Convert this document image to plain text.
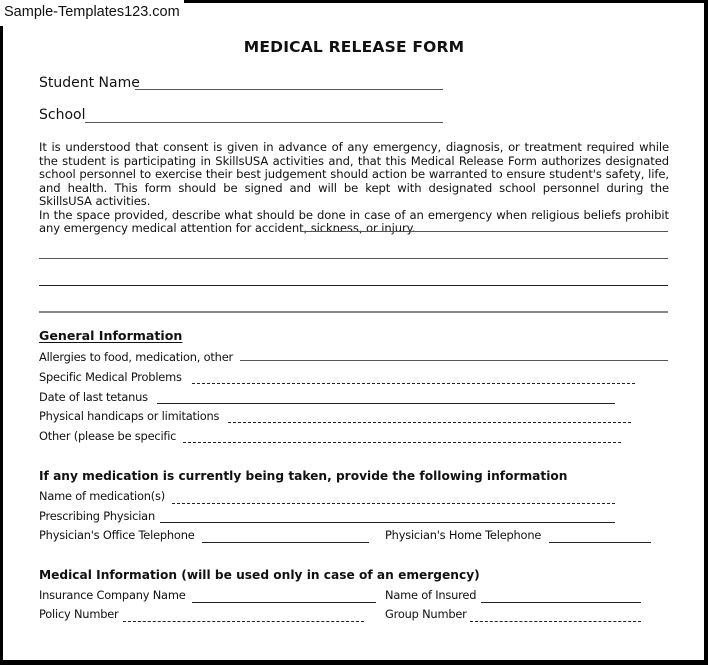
Sample-Templates123.com
MEDICAL RELEASE FORM
Student Name
School

It is understood that consent is given in advance of any emergency, diagnosis, or treatment required while the student is participating in SkillsUSA activities and, that this Medical Release Form authorizes designated school personnel to exercise their best judgement should action be warranted to ensure student's safety, life, and health. This form should be signed and will be kept with designated school personnel during the SkillsUSA activities.

In the space provided, describe what should be done in case of an emergency when religious beliefs prohibit any emergency medical attention for accident, sickness, or injury.

General Information
Allergies to food, medication, other
Specific Medical Problems
Date of last tetanus
Physical handicaps or limitations
Other (please be specific
If any medication is currently being taken, provide the following information
Name of medication(s)
Prescribing Physician
Physician's Office Telephone	Physician's Home Telephone
Medical Information (will be used only in case of an emergency)
Insurance Company Name	Name of Insured
Policy Number	Group Number
